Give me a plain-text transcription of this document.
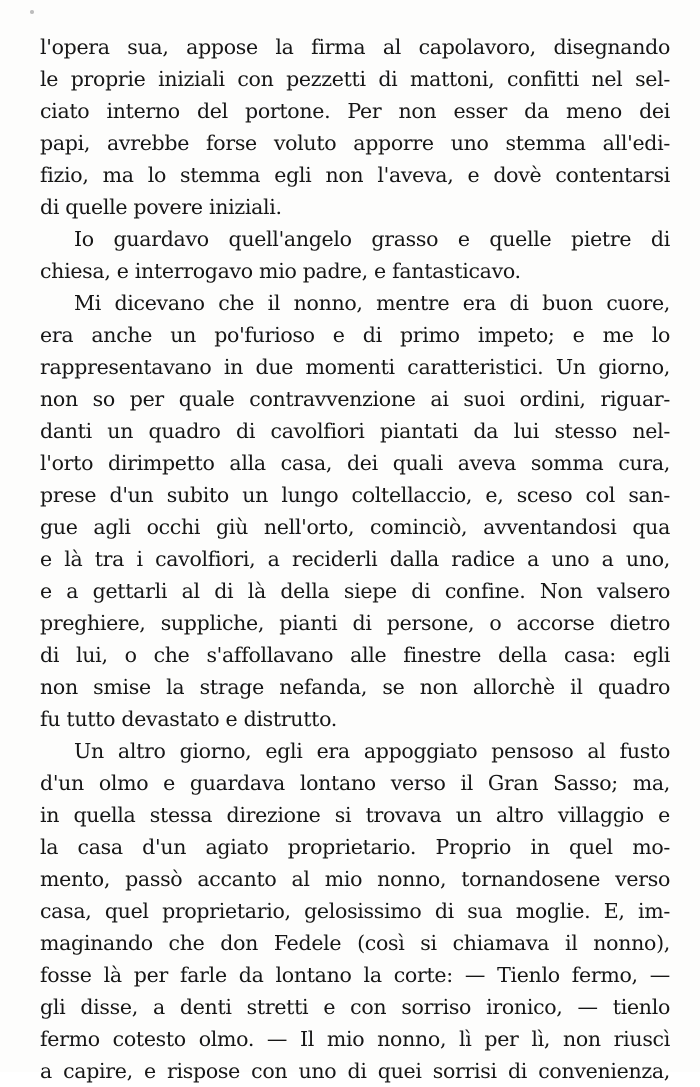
l'opera sua, appose la firma al capolavoro, disegnando
le proprie iniziali con pezzetti di mattoni, confitti nel sel-
ciato interno del portone. Per non esser da meno dei
papi, avrebbe forse voluto apporre uno stemma all'edi-
fizio, ma lo stemma egli non l'aveva, e dovè contentarsi
di quelle povere iniziali.
Io guardavo quell'angelo grasso e quelle pietre di
chiesa, e interrogavo mio padre, e fantasticavo.
Mi dicevano che il nonno, mentre era di buon cuore,
era anche un po'furioso e di primo impeto; e me lo
rappresentavano in due momenti caratteristici. Un giorno,
non so per quale contravvenzione ai suoi ordini, riguar-
danti un quadro di cavolfiori piantati da lui stesso nel-
l'orto dirimpetto alla casa, dei quali aveva somma cura,
prese d'un subito un lungo coltellaccio, e, sceso col san-
gue agli occhi giù nell'orto, cominciò, avventandosi qua
e là tra i cavolfiori, a reciderli dalla radice a uno a uno,
e a gettarli al di là della siepe di confine. Non valsero
preghiere, suppliche, pianti di persone, o accorse dietro
di lui, o che s'affollavano alle finestre della casa: egli
non smise la strage nefanda, se non allorchè il quadro
fu tutto devastato e distrutto.
Un altro giorno, egli era appoggiato pensoso al fusto
d'un olmo e guardava lontano verso il Gran Sasso; ma,
in quella stessa direzione si trovava un altro villaggio e
la casa d'un agiato proprietario. Proprio in quel mo-
mento, passò accanto al mio nonno, tornandosene verso
casa, quel proprietario, gelosissimo di sua moglie. E, im-
maginando che don Fedele (così si chiamava il nonno),
fosse là per farle da lontano la corte: — Tienlo fermo, —
gli disse, a denti stretti e con sorriso ironico, — tienlo
fermo cotesto olmo. — Il mio nonno, lì per lì, non riuscì
a capire, e rispose con uno di quei sorrisi di convenienza,
